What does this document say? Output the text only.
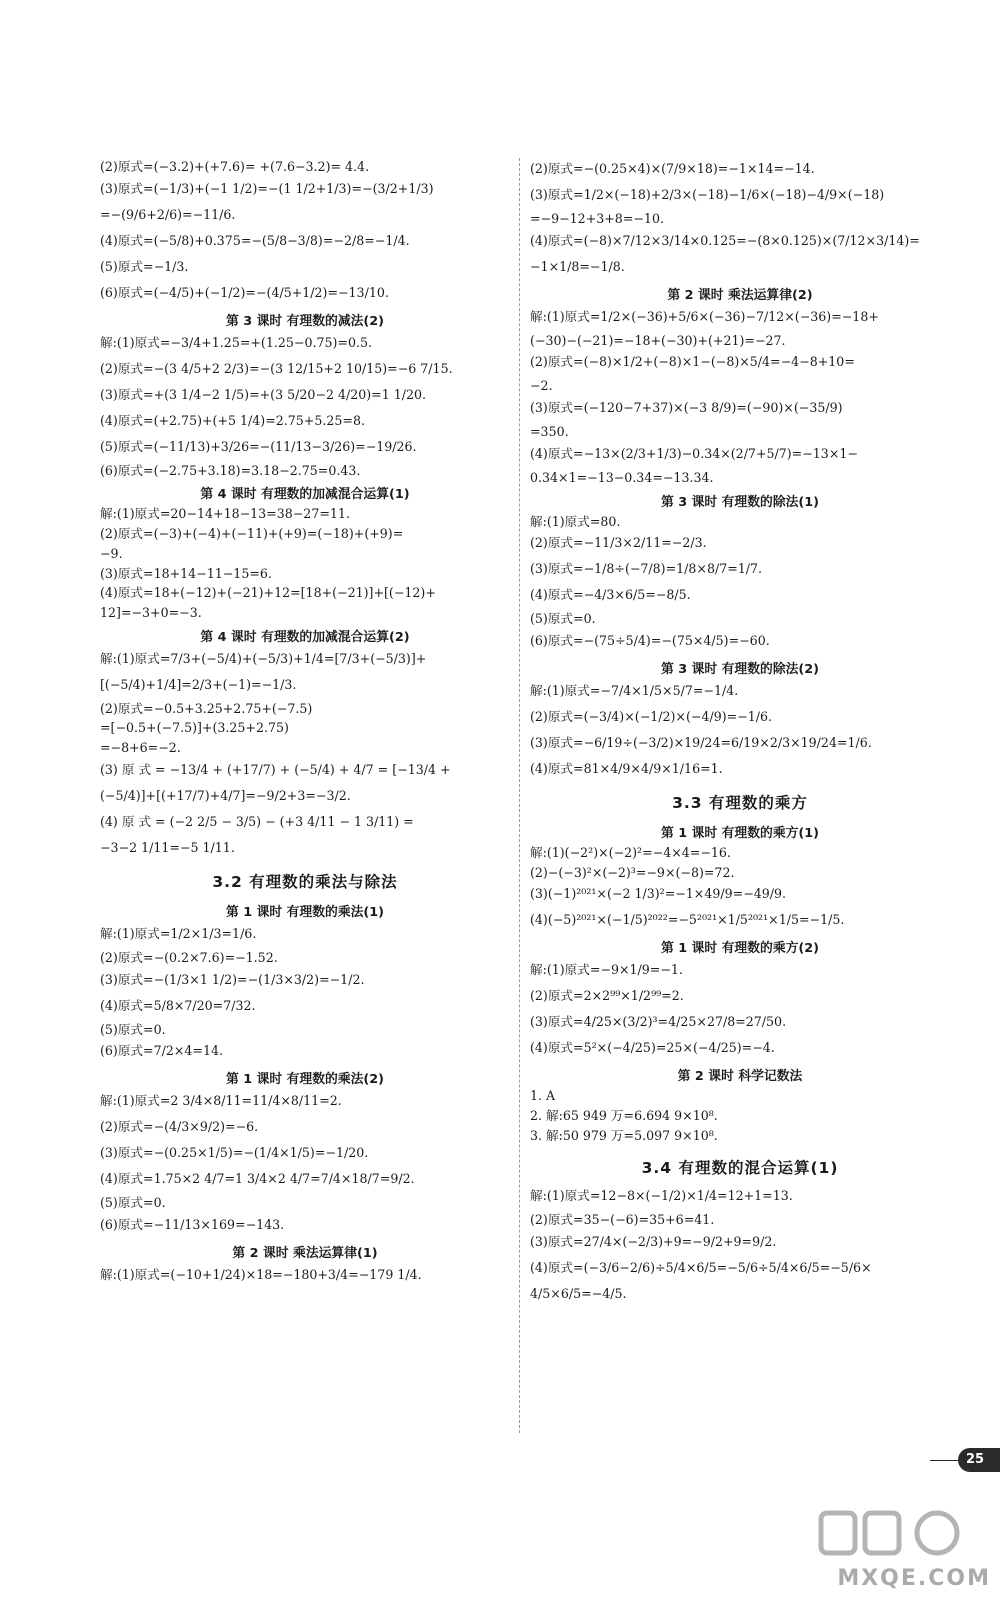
(2)原式=(−3.2)+(+7.6)= +(7.6−3.2)= 4.4.
(3)原式=(−1/3)+(−1 1/2)=−(1 1/2+1/3)=−(3/2+1/3)
=−(9/6+2/6)=−11/6.
(4)原式=(−5/8)+0.375=−(5/8−3/8)=−2/8=−1/4.
(5)原式=−1/3.
(6)原式=(−4/5)+(−1/2)=−(4/5+1/2)=−13/10.
第 3 课时 有理数的减法(2)
解:(1)原式=−3/4+1.25=+(1.25−0.75)=0.5.
(2)原式=−(3 4/5+2 2/3)=−(3 12/15+2 10/15)=−6 7/15.
(3)原式=+(3 1/4−2 1/5)=+(3 5/20−2 4/20)=1 1/20.
(4)原式=(+2.75)+(+5 1/4)=2.75+5.25=8.
(5)原式=(−11/13)+3/26=−(11/13−3/26)=−19/26.
(6)原式=(−2.75+3.18)=3.18−2.75=0.43.
第 4 课时 有理数的加减混合运算(1)
解:(1)原式=20−14+18−13=38−27=11.
(2)原式=(−3)+(−4)+(−11)+(+9)=(−18)+(+9)=
−9.
(3)原式=18+14−11−15=6.
(4)原式=18+(−12)+(−21)+12=[18+(−21)]+[(−12)+
12]=−3+0=−3.
第 4 课时 有理数的加减混合运算(2)
解:(1)原式=7/3+(−5/4)+(−5/3)+1/4=[7/3+(−5/3)]+
[(−5/4)+1/4]=2/3+(−1)=−1/3.
(2)原式=−0.5+3.25+2.75+(−7.5)
=[−0.5+(−7.5)]+(3.25+2.75)
=−8+6=−2.
(3) 原 式 = −13/4 + (+17/7) + (−5/4) + 4/7 = [−13/4 +
(−5/4)]+[(+17/7)+4/7]=−9/2+3=−3/2.
(4) 原 式 = (−2 2/5 − 3/5) − (+3 4/11 − 1 3/11) =
−3−2 1/11=−5 1/11.
3.2 有理数的乘法与除法
第 1 课时 有理数的乘法(1)
解:(1)原式=1/2×1/3=1/6.
(2)原式=−(0.2×7.6)=−1.52.
(3)原式=−(1/3×1 1/2)=−(1/3×3/2)=−1/2.
(4)原式=5/8×7/20=7/32.
(5)原式=0.
(6)原式=7/2×4=14.
第 1 课时 有理数的乘法(2)
解:(1)原式=2 3/4×8/11=11/4×8/11=2.
(2)原式=−(4/3×9/2)=−6.
(3)原式=−(0.25×1/5)=−(1/4×1/5)=−1/20.
(4)原式=1.75×2 4/7=1 3/4×2 4/7=7/4×18/7=9/2.
(5)原式=0.
(6)原式=−11/13×169=−143.
第 2 课时 乘法运算律(1)
解:(1)原式=(−10+1/24)×18=−180+3/4=−179 1/4.
(2)原式=−(0.25×4)×(7/9×18)=−1×14=−14.
(3)原式=1/2×(−18)+2/3×(−18)−1/6×(−18)−4/9×(−18)
=−9−12+3+8=−10.
(4)原式=(−8)×7/12×3/14×0.125=−(8×0.125)×(7/12×3/14)=
−1×1/8=−1/8.
第 2 课时 乘法运算律(2)
解:(1)原式=1/2×(−36)+5/6×(−36)−7/12×(−36)=−18+
(−30)−(−21)=−18+(−30)+(+21)=−27.
(2)原式=(−8)×1/2+(−8)×1−(−8)×5/4=−4−8+10=
−2.
(3)原式=(−120−7+37)×(−3 8/9)=(−90)×(−35/9)
=350.
(4)原式=−13×(2/3+1/3)−0.34×(2/7+5/7)=−13×1−
0.34×1=−13−0.34=−13.34.
第 3 课时 有理数的除法(1)
解:(1)原式=80.
(2)原式=−11/3×2/11=−2/3.
(3)原式=−1/8÷(−7/8)=1/8×8/7=1/7.
(4)原式=−4/3×6/5=−8/5.
(5)原式=0.
(6)原式=−(75÷5/4)=−(75×4/5)=−60.
第 3 课时 有理数的除法(2)
解:(1)原式=−7/4×1/5×5/7=−1/4.
(2)原式=(−3/4)×(−1/2)×(−4/9)=−1/6.
(3)原式=−6/19÷(−3/2)×19/24=6/19×2/3×19/24=1/6.
(4)原式=81×4/9×4/9×1/16=1.
3.3 有理数的乘方
第 1 课时 有理数的乘方(1)
解:(1)(−2²)×(−2)²=−4×4=−16.
(2)−(−3)²×(−2)³=−9×(−8)=72.
(3)(−1)²⁰²¹×(−2 1/3)²=−1×49/9=−49/9.
(4)(−5)²⁰²¹×(−1/5)²⁰²²=−5²⁰²¹×1/5²⁰²¹×1/5=−1/5.
第 1 课时 有理数的乘方(2)
解:(1)原式=−9×1/9=−1.
(2)原式=2×2⁹⁹×1/2⁹⁹=2.
(3)原式=4/25×(3/2)³=4/25×27/8=27/50.
(4)原式=5²×(−4/25)=25×(−4/25)=−4.
第 2 课时 科学记数法
1. A
2. 解:65 949 万=6.694 9×10⁸.
3. 解:50 979 万=5.097 9×10⁸.
3.4 有理数的混合运算(1)
解:(1)原式=12−8×(−1/2)×1/4=12+1=13.
(2)原式=35−(−6)=35+6=41.
(3)原式=27/4×(−2/3)+9=−9/2+9=9/2.
(4)原式=(−3/6−2/6)÷5/4×6/5=−5/6÷5/4×6/5=−5/6×
4/5×6/5=−4/5.
25
MXQE.COM
